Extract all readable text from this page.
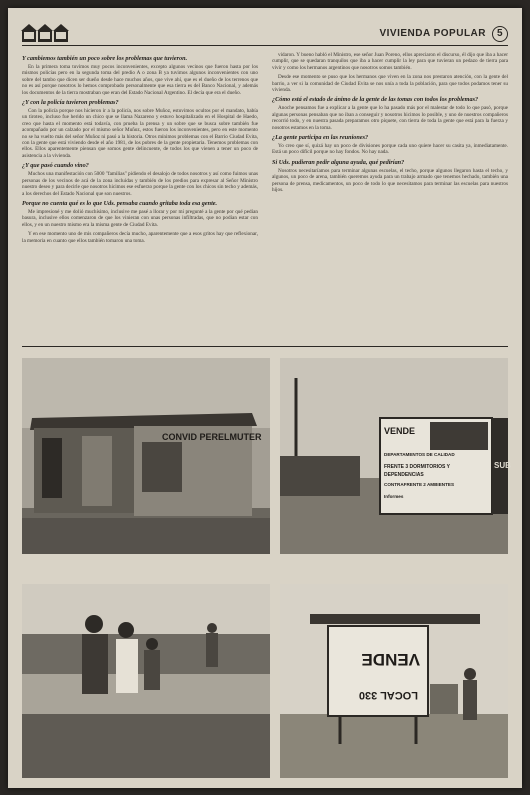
VIVIENDA POPULAR	5
Y cambiemos también un poco sobre los problemas que tuvieron.

En la primera toma tuvimos muy pocos inconvenientes, excepto algunos vecinos que fueron hasta por los mismos policías pero en la segunda toma del predio A o zona B ya tuvimos algunos inconvenientes con uno sobre del tambo que dicen ser dueño desde hace muchos años, que vive ahí, que es el dueño de los terrenos que no es así porque nosotros lo hemos comprobado personalmente que esa tierra es del Banco Nacional, y además los documentos de la tierra mostraban que eran del Estado Nacional Argentino. El decía que era el dueño.

¿Y con la policía tuvieron problemas?

Con la policía porque nos hicieron ir a la policía, nos sobre Muñoz, estuvimos ocultos por el mandato, había un tiroteo, incluso fue herido un chico que se llama Nazareno y estuvo hospitalizado en el Hospital de Haedo, creo que hasta el momento está todavía, con prueba la prensa y un sobre que se busca sobre también fue acompañado por un calzado por el mismo señor Muñoz, estos fueron los inconvenientes, pero en este momento no se ha vuelto más del señor Muñoz ni pasó a la historia. Otros mínimos problemas con el Barrio Ciudad Evita, con la gente que está viviendo desde el año 1981, de los pobres de la gente propietaria. Tenemos problemas con ellos. Ellos aparentemente piensan que somos gente delincuente, de todos los que vienen a tener un poco de asistencia a la vivienda.

¿Y que pasó cuando vino?

Muchos una manifestación con 5000 "familias" pidiendo el desalojo de todos nosotros y así como fuimos unas personas de los vecinos de acá de la zona incluidas y también de los predios para expresar al Señor Ministro nuestro deseo y para decirle que nosotros hicimos ese esfuerzo porque la gente con los chicos sin techo y además, a los derechos del Estado Nacional que son nuestros.

Porque no cuenta qué es lo que Uds. pensaba cuando gritaba toda esa gente.

Me impresioné y me dolió muchísimo, inclusive me pasé a llorar y por mí pregunté a la gente por qué pedían basura, inclusive ellos comenzaron de que los vinieran con unas personas infiltradas, que no podían estar con ellos, y en un nuestro mismo era la misma gente de Ciudad Evita.

Y en ese momento uno de mis compañeros decía mucho, aparentemente que a esos gritos hay que reflexionar, la memoria en cuanto que ellos también tomaron una toma.

vidaron. Y bueno habló el Ministro, ese señor Juan Poreno, ellos apreciaron el discurso, él dijo que iba a hacer cumplir, que se quedaran tranquilos que iba a hacer cumplir la ley para que tuvieran un pedazo de tierra para vivir y como los hermanos argentinos que nosotros somos también.

Desde ese momento se puso que los hermanos que viven en la zona nos prestaron atención, con la gente del barrio, a ver si la comunidad de Ciudad Evita se nos unía a toda la población, para que todos podamos tener su vivienda.

¿Cómo está el estado de ánimo de la gente de las tomas con todos los problemas?

Anoche pensamos fue a explicar a la gente que lo ha pasado más por el malestar de todo lo que pasó, porque algunas personas pensaban que no iban a conseguir y nosotros hicimos lo posible, y uno de nuestros compañeros recorrió todo, y en nuestra pasada preparamos otro piquete, con tierra de toda la gente que está para la fuerza y nosotros estamos en la toma.

¿La gente participa en las reuniones?

Yo creo que sí, quizá hay un poco de divisiones porque cada uno quiere hacer su casita ya, inmediatamente. Está un poco difícil porque no hay fondos. No hay nada.

Si Uds. pudieran pedir alguna ayuda, qué pedirían?

Nosotros necesitaríamos para terminar algunas escuelas, el techo, porque algunos llegaron hasta el techo, y algunos, un poco de arena, también queremos ayuda para un trabajo armado que tenemos hechado, también una persona de prensa, medicamentos, un poco de todo lo que necesitamos para terminar las escuelas para nuestros hijos.

CONVID PERELMUTER
VENDE
DEPARTAMENTOS DE CALIDAD
FRENTE 3 DORMITORIOS Y
DEPENDENCIAS
CONTRAFRENTE 2 AMBIENTES
Informes
SUB
LOCAL 330
VENDE
